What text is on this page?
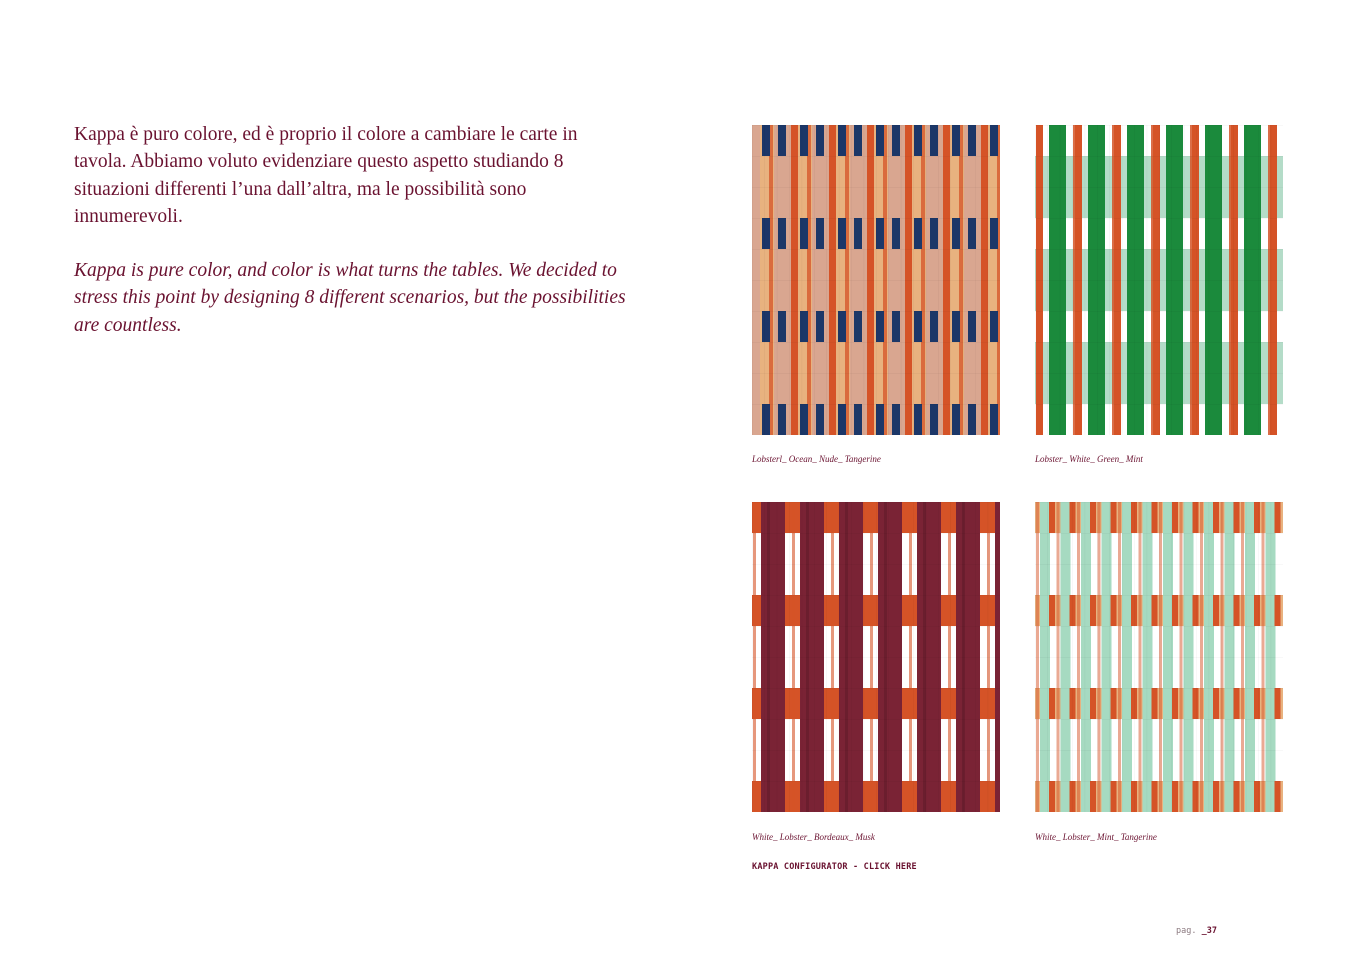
Kappa è puro colore, ed è proprio il colore a cambiare le carte in tavola. Abbiamo voluto evidenziare questo aspetto studiando 8 situazioni differenti l’una dall’altra, ma le possibilità sono innumerevoli.

Kappa is pure color, and color is what turns the tables. We decided to stress this point by designing 8 different scenarios, but the possibilities are countless.

Lobsterl_ Ocean_ Nude_ Tangerine	Lobster_ White_ Green_ Mint
White_ Lobster_ Bordeaux_ Musk	White_ Lobster_ Mint_ Tangerine
KAPPA CONFIGURATOR - CLICK HERE
pag. _37
